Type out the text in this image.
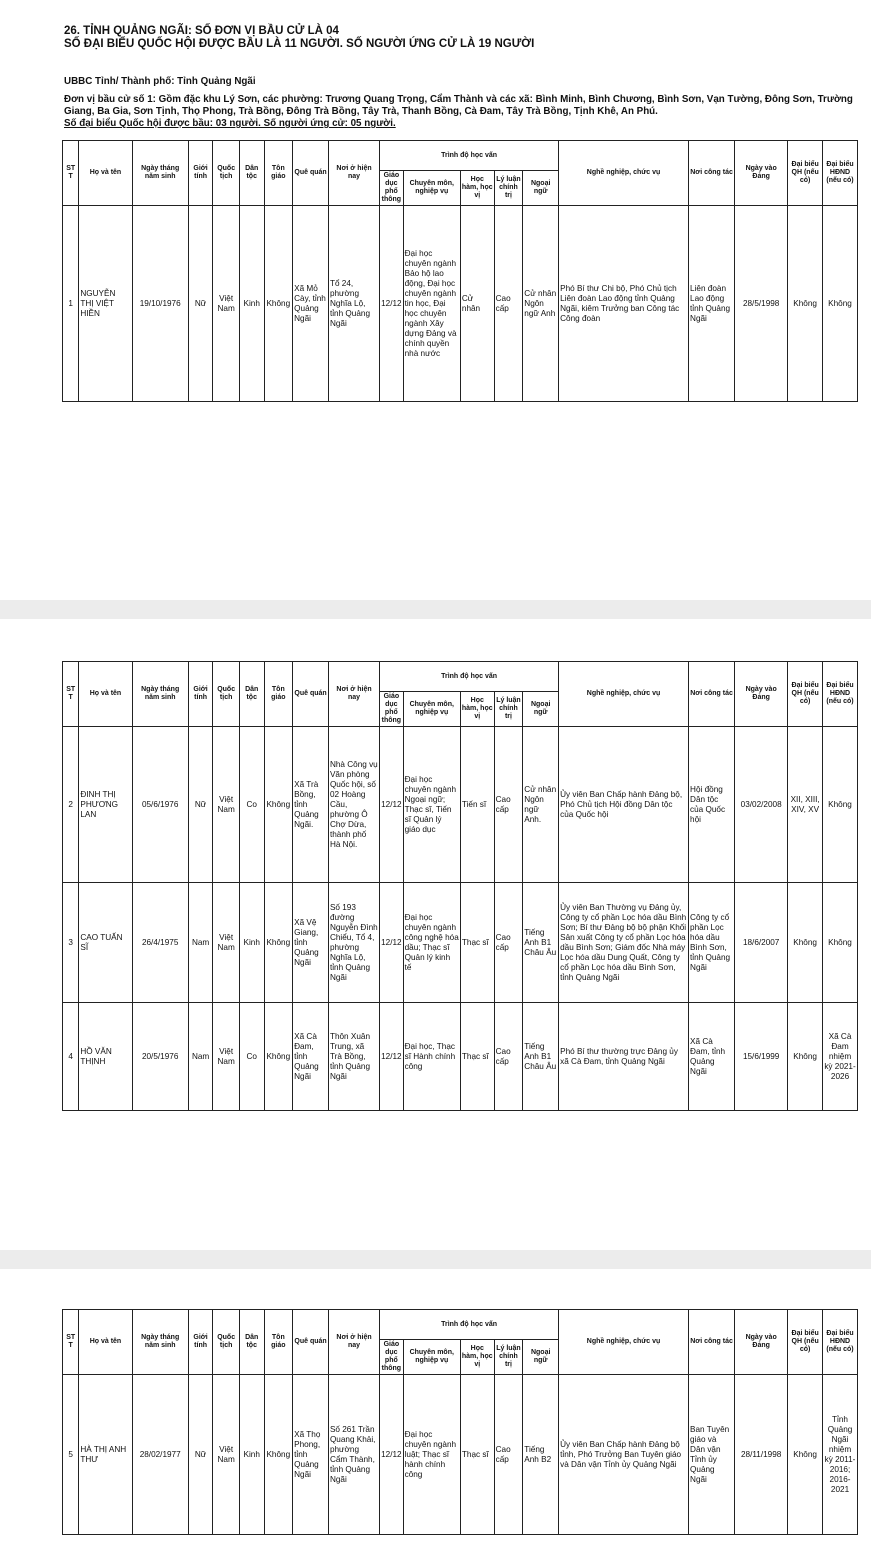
26. TỈNH QUẢNG NGÃI: SỐ ĐƠN VỊ BẦU CỬ LÀ 04

SỐ ĐẠI BIỂU QUỐC HỘI ĐƯỢC BẦU LÀ 11 NGƯỜI. SỐ NGƯỜI ỨNG CỬ LÀ 19 NGƯỜI

UBBC Tỉnh/ Thành phố: Tỉnh Quảng Ngãi

Đơn vị bầu cử số 1: Gồm đặc khu Lý Sơn, các phường: Trương Quang Trọng, Cẩm Thành và các xã: Bình Minh, Bình Chương, Bình Sơn, Vạn Tường, Đông Sơn, Trường Giang, Ba Gia, Sơn Tịnh, Thọ Phong, Trà Bồng, Đông Trà Bồng, Tây Trà, Thanh Bồng, Cà Đam, Tây Trà Bồng, Tịnh Khê, An Phú.

Số đại biểu Quốc hội được bầu: 03 người. Số người ứng cử: 05 người.

ST T	Họ và tên	Ngày tháng năm sinh	Giới tính	Quốc tịch	Dân tộc	Tôn giáo	Quê quán	Nơi ở hiện nay	Trình độ học vấn					Nghề nghiệp, chức vụ	Nơi công tác	Ngày vào Đảng	Đại biểu QH (nếu có)	Đại biểu HĐND (nếu có)
									Giáo dục phổ thông	Chuyên môn, nghiệp vụ	Học hàm, học vị	Lý luận chính trị	Ngoại ngữ					
1	NGUYỄN THỊ VIỆT HIỀN	19/10/1976	Nữ	Việt Nam	Kinh	Không	Xã Mỏ Cày, tỉnh Quảng Ngãi	Tổ 24, phường Nghĩa Lộ, tỉnh Quảng Ngãi	12/12	Đại học chuyên ngành Bảo hộ lao động, Đại học chuyên ngành tin học, Đại học chuyên ngành Xây dựng Đảng và chính quyền nhà nước	Cử nhân	Cao cấp	Cử nhân Ngôn ngữ Anh	Phó Bí thư Chi bộ, Phó Chủ tịch Liên đoàn Lao động tỉnh Quảng Ngãi, kiêm Trưởng ban Công tác Công đoàn	Liên đoàn Lao động tỉnh Quảng Ngãi	28/5/1998	Không	Không
ST T	Họ và tên	Ngày tháng năm sinh	Giới tính	Quốc tịch	Dân tộc	Tôn giáo	Quê quán	Nơi ở hiện nay	Trình độ học vấn					Nghề nghiệp, chức vụ	Nơi công tác	Ngày vào Đảng	Đại biểu QH (nếu có)	Đại biểu HĐND (nếu có)
									Giáo dục phổ thông	Chuyên môn, nghiệp vụ	Học hàm, học vị	Lý luận chính trị	Ngoại ngữ					
2	ĐINH THỊ PHƯƠNG LAN	05/6/1976	Nữ	Việt Nam	Co	Không	Xã Trà Bồng, tỉnh Quảng Ngãi.	Nhà Công vụ Văn phòng Quốc hội, số 02 Hoàng Cầu, phường Ô Chợ Dừa, thành phố Hà Nội.	12/12	Đại học chuyên ngành Ngoại ngữ; Thạc sĩ, Tiến sĩ Quản lý giáo dục	Tiến sĩ	Cao cấp	Cử nhân Ngôn ngữ Anh.	Ủy viên Ban Chấp hành Đảng bộ, Phó Chủ tịch Hội đồng Dân tộc của Quốc hội	Hội đồng Dân tộc của Quốc hội	03/02/2008	XII, XIII, XIV, XV	Không
3	CAO TUẤN SĨ	26/4/1975	Nam	Việt Nam	Kinh	Không	Xã Vệ Giang, tỉnh Quảng Ngãi	Số 193 đường Nguyễn Đình Chiểu, Tổ 4, phường Nghĩa Lộ, tỉnh Quảng Ngãi	12/12	Đại học chuyên ngành công nghệ hóa dầu; Thạc sĩ Quản lý kinh tế	Thạc sĩ	Cao cấp	Tiếng Anh B1 Châu Âu	Ủy viên Ban Thường vụ Đảng ủy, Công ty cổ phần Lọc hóa dầu Bình Sơn; Bí thư Đảng bộ bộ phận Khối Sản xuất Công ty cổ phần Lọc hóa dầu Bình Sơn; Giám đốc Nhà máy Lọc hóa dầu Dung Quất, Công ty cổ phần Lọc hóa dầu Bình Sơn, tỉnh Quảng Ngãi	Công ty cổ phần Lọc hóa dầu Bình Sơn, tỉnh Quảng Ngãi	18/6/2007	Không	Không
4	HỒ VĂN THỊNH	20/5/1976	Nam	Việt Nam	Co	Không	Xã Cà Đam, tỉnh Quảng Ngãi	Thôn Xuân Trung, xã Trà Bồng, tỉnh Quảng Ngãi	12/12	Đại học, Thạc sĩ Hành chính công	Thạc sĩ	Cao cấp	Tiếng Anh B1 Châu Âu	Phó Bí thư thường trực Đảng ủy xã Cà Đam, tỉnh Quảng Ngãi	Xã Cà Đam, tỉnh Quảng Ngãi	15/6/1999	Không	Xã Cà Đam nhiệm kỳ 2021-2026
ST T	Họ và tên	Ngày tháng năm sinh	Giới tính	Quốc tịch	Dân tộc	Tôn giáo	Quê quán	Nơi ở hiện nay	Trình độ học vấn					Nghề nghiệp, chức vụ	Nơi công tác	Ngày vào Đảng	Đại biểu QH (nếu có)	Đại biểu HĐND (nếu có)
									Giáo dục phổ thông	Chuyên môn, nghiệp vụ	Học hàm, học vị	Lý luận chính trị	Ngoại ngữ					
5	HÀ THỊ ANH THƯ	28/02/1977	Nữ	Việt Nam	Kinh	Không	Xã Thọ Phong, tỉnh Quảng Ngãi	Số 261 Trần Quang Khải, phường Cẩm Thành, tỉnh Quảng Ngãi	12/12	Đại học chuyên ngành luật; Thạc sĩ hành chính công	Thạc sĩ	Cao cấp	Tiếng Anh B2	Ủy viên Ban Chấp hành Đảng bộ tỉnh, Phó Trưởng Ban Tuyên giáo và Dân vận Tỉnh ủy Quảng Ngãi	Ban Tuyên giáo và Dân vận Tỉnh ủy Quảng Ngãi	28/11/1998	Không	Tỉnh Quảng Ngãi nhiệm kỳ 2011-2016; 2016-2021
